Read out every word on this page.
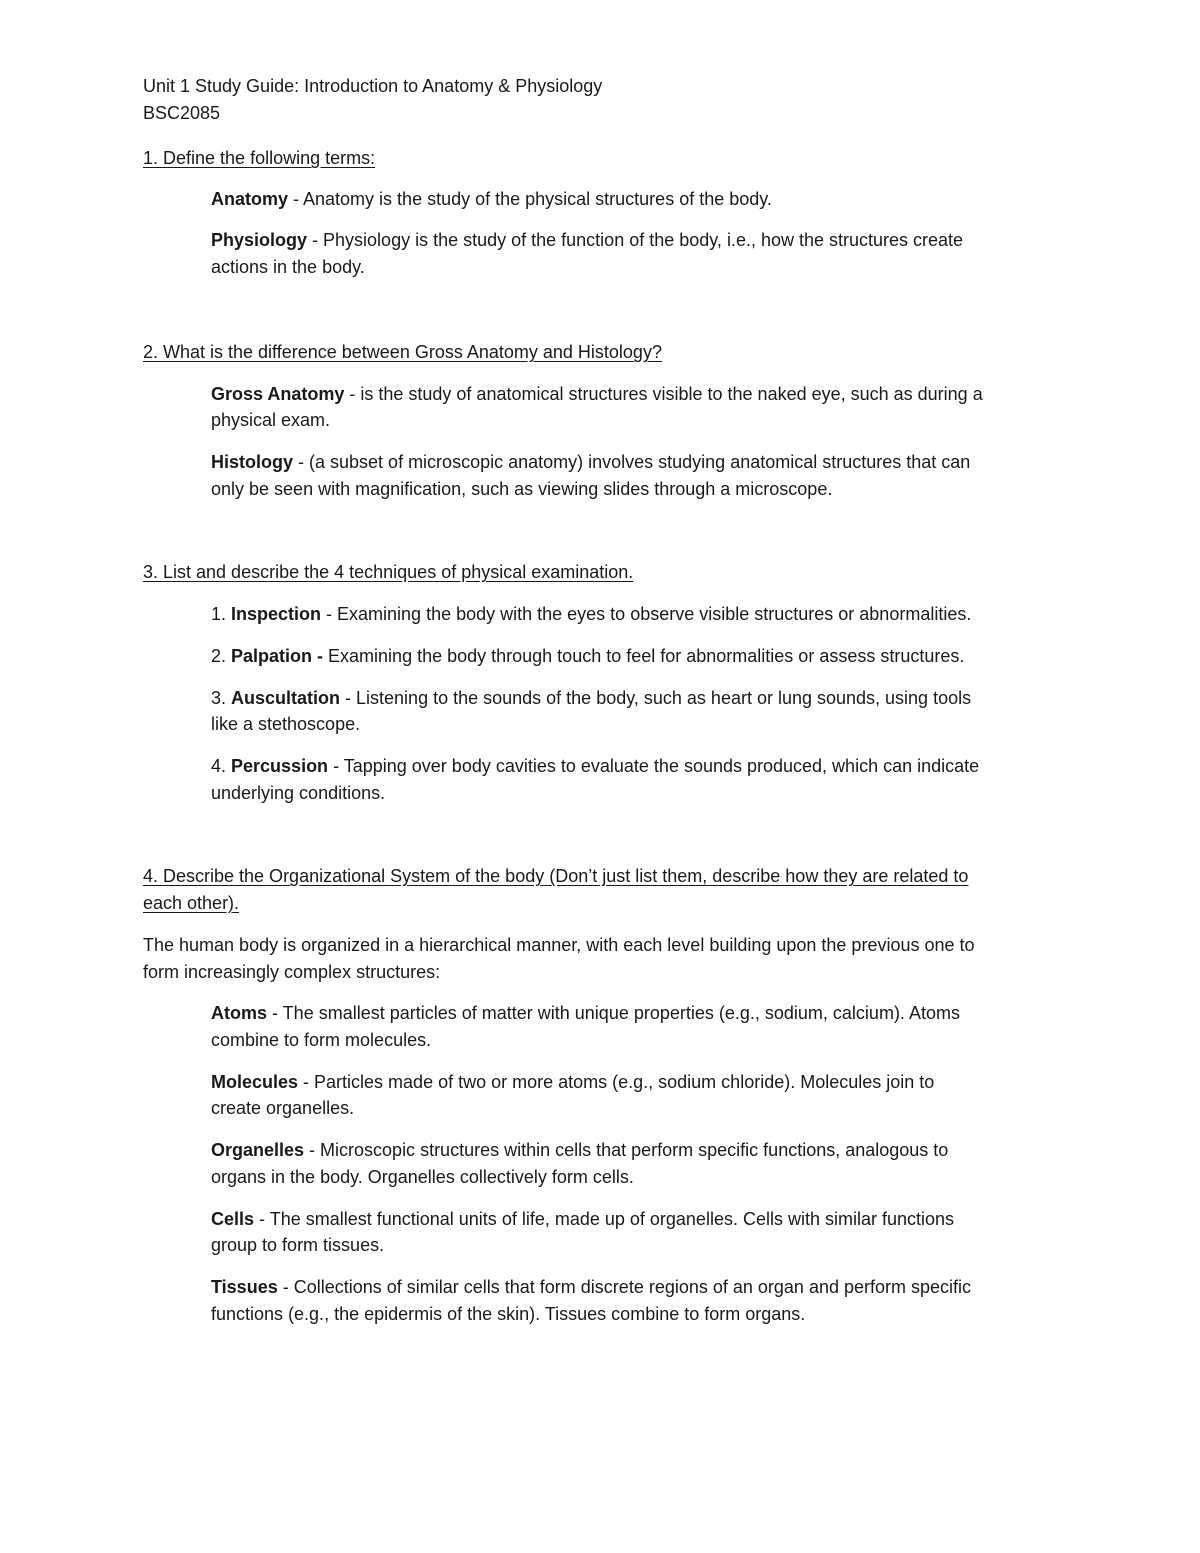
Unit 1 Study Guide: Introduction to Anatomy & Physiology
BSC2085
1. Define the following terms:
Anatomy - Anatomy is the study of the physical structures of the body.
Physiology - Physiology is the study of the function of the body, i.e., how the structures create
actions in the body.
2. What is the difference between Gross Anatomy and Histology?
Gross Anatomy - is the study of anatomical structures visible to the naked eye, such as during a
physical exam.
Histology - (a subset of microscopic anatomy) involves studying anatomical structures that can
only be seen with magnification, such as viewing slides through a microscope.
3. List and describe the 4 techniques of physical examination.
1. Inspection - Examining the body with the eyes to observe visible structures or abnormalities.
2. Palpation - Examining the body through touch to feel for abnormalities or assess structures.
3. Auscultation - Listening to the sounds of the body, such as heart or lung sounds, using tools
like a stethoscope.
4. Percussion - Tapping over body cavities to evaluate the sounds produced, which can indicate
underlying conditions.
4. Describe the Organizational System of the body (Don’t just list them, describe how they are related to
each other).
The human body is organized in a hierarchical manner, with each level building upon the previous one to
form increasingly complex structures:
Atoms - The smallest particles of matter with unique properties (e.g., sodium, calcium). Atoms
combine to form molecules.
Molecules - Particles made of two or more atoms (e.g., sodium chloride). Molecules join to
create organelles.
Organelles - Microscopic structures within cells that perform specific functions, analogous to
organs in the body. Organelles collectively form cells.
Cells - The smallest functional units of life, made up of organelles. Cells with similar functions
group to form tissues.
Tissues - Collections of similar cells that form discrete regions of an organ and perform specific
functions (e.g., the epidermis of the skin). Tissues combine to form organs.
